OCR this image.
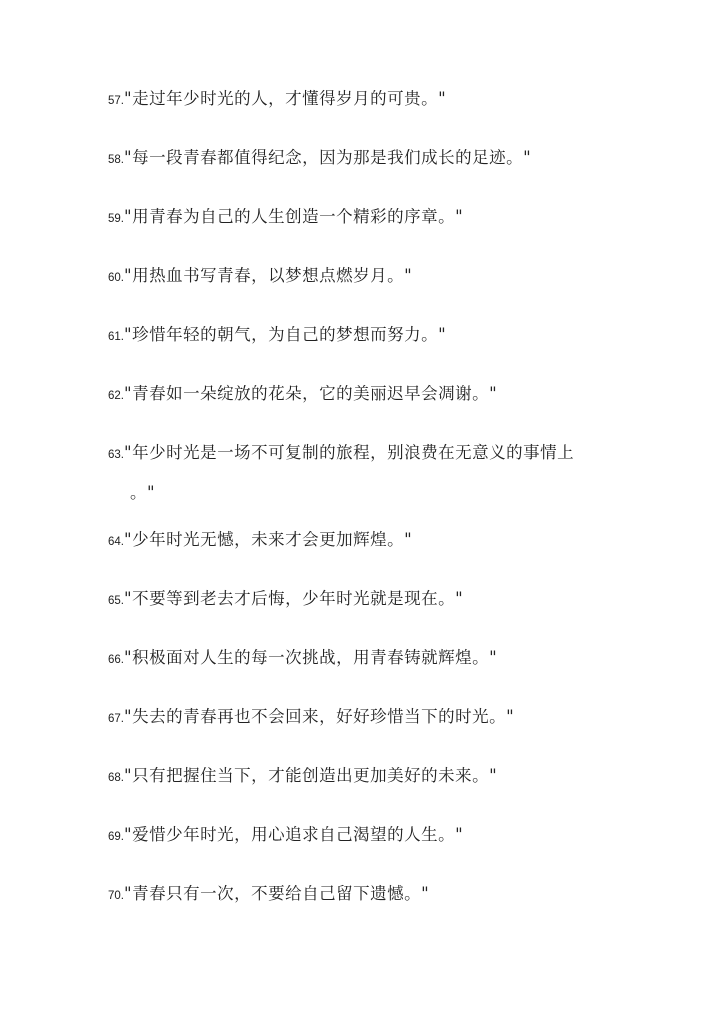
57."走过年少时光的人，才懂得岁月的可贵。"
58."每一段青春都值得纪念，因为那是我们成长的足迹。"
59."用青春为自己的人生创造一个精彩的序章。"
60."用热血书写青春，以梦想点燃岁月。"
61."珍惜年轻的朝气，为自己的梦想而努力。"
62."青春如一朵绽放的花朵，它的美丽迟早会凋谢。"
63."年少时光是一场不可复制的旅程，别浪费在无意义的事情上
。"
64."少年时光无憾，未来才会更加辉煌。"
65."不要等到老去才后悔，少年时光就是现在。"
66."积极面对人生的每一次挑战，用青春铸就辉煌。"
67."失去的青春再也不会回来，好好珍惜当下的时光。"
68."只有把握住当下，才能创造出更加美好的未来。"
69."爱惜少年时光，用心追求自己渴望的人生。"
70."青春只有一次，不要给自己留下遗憾。"
